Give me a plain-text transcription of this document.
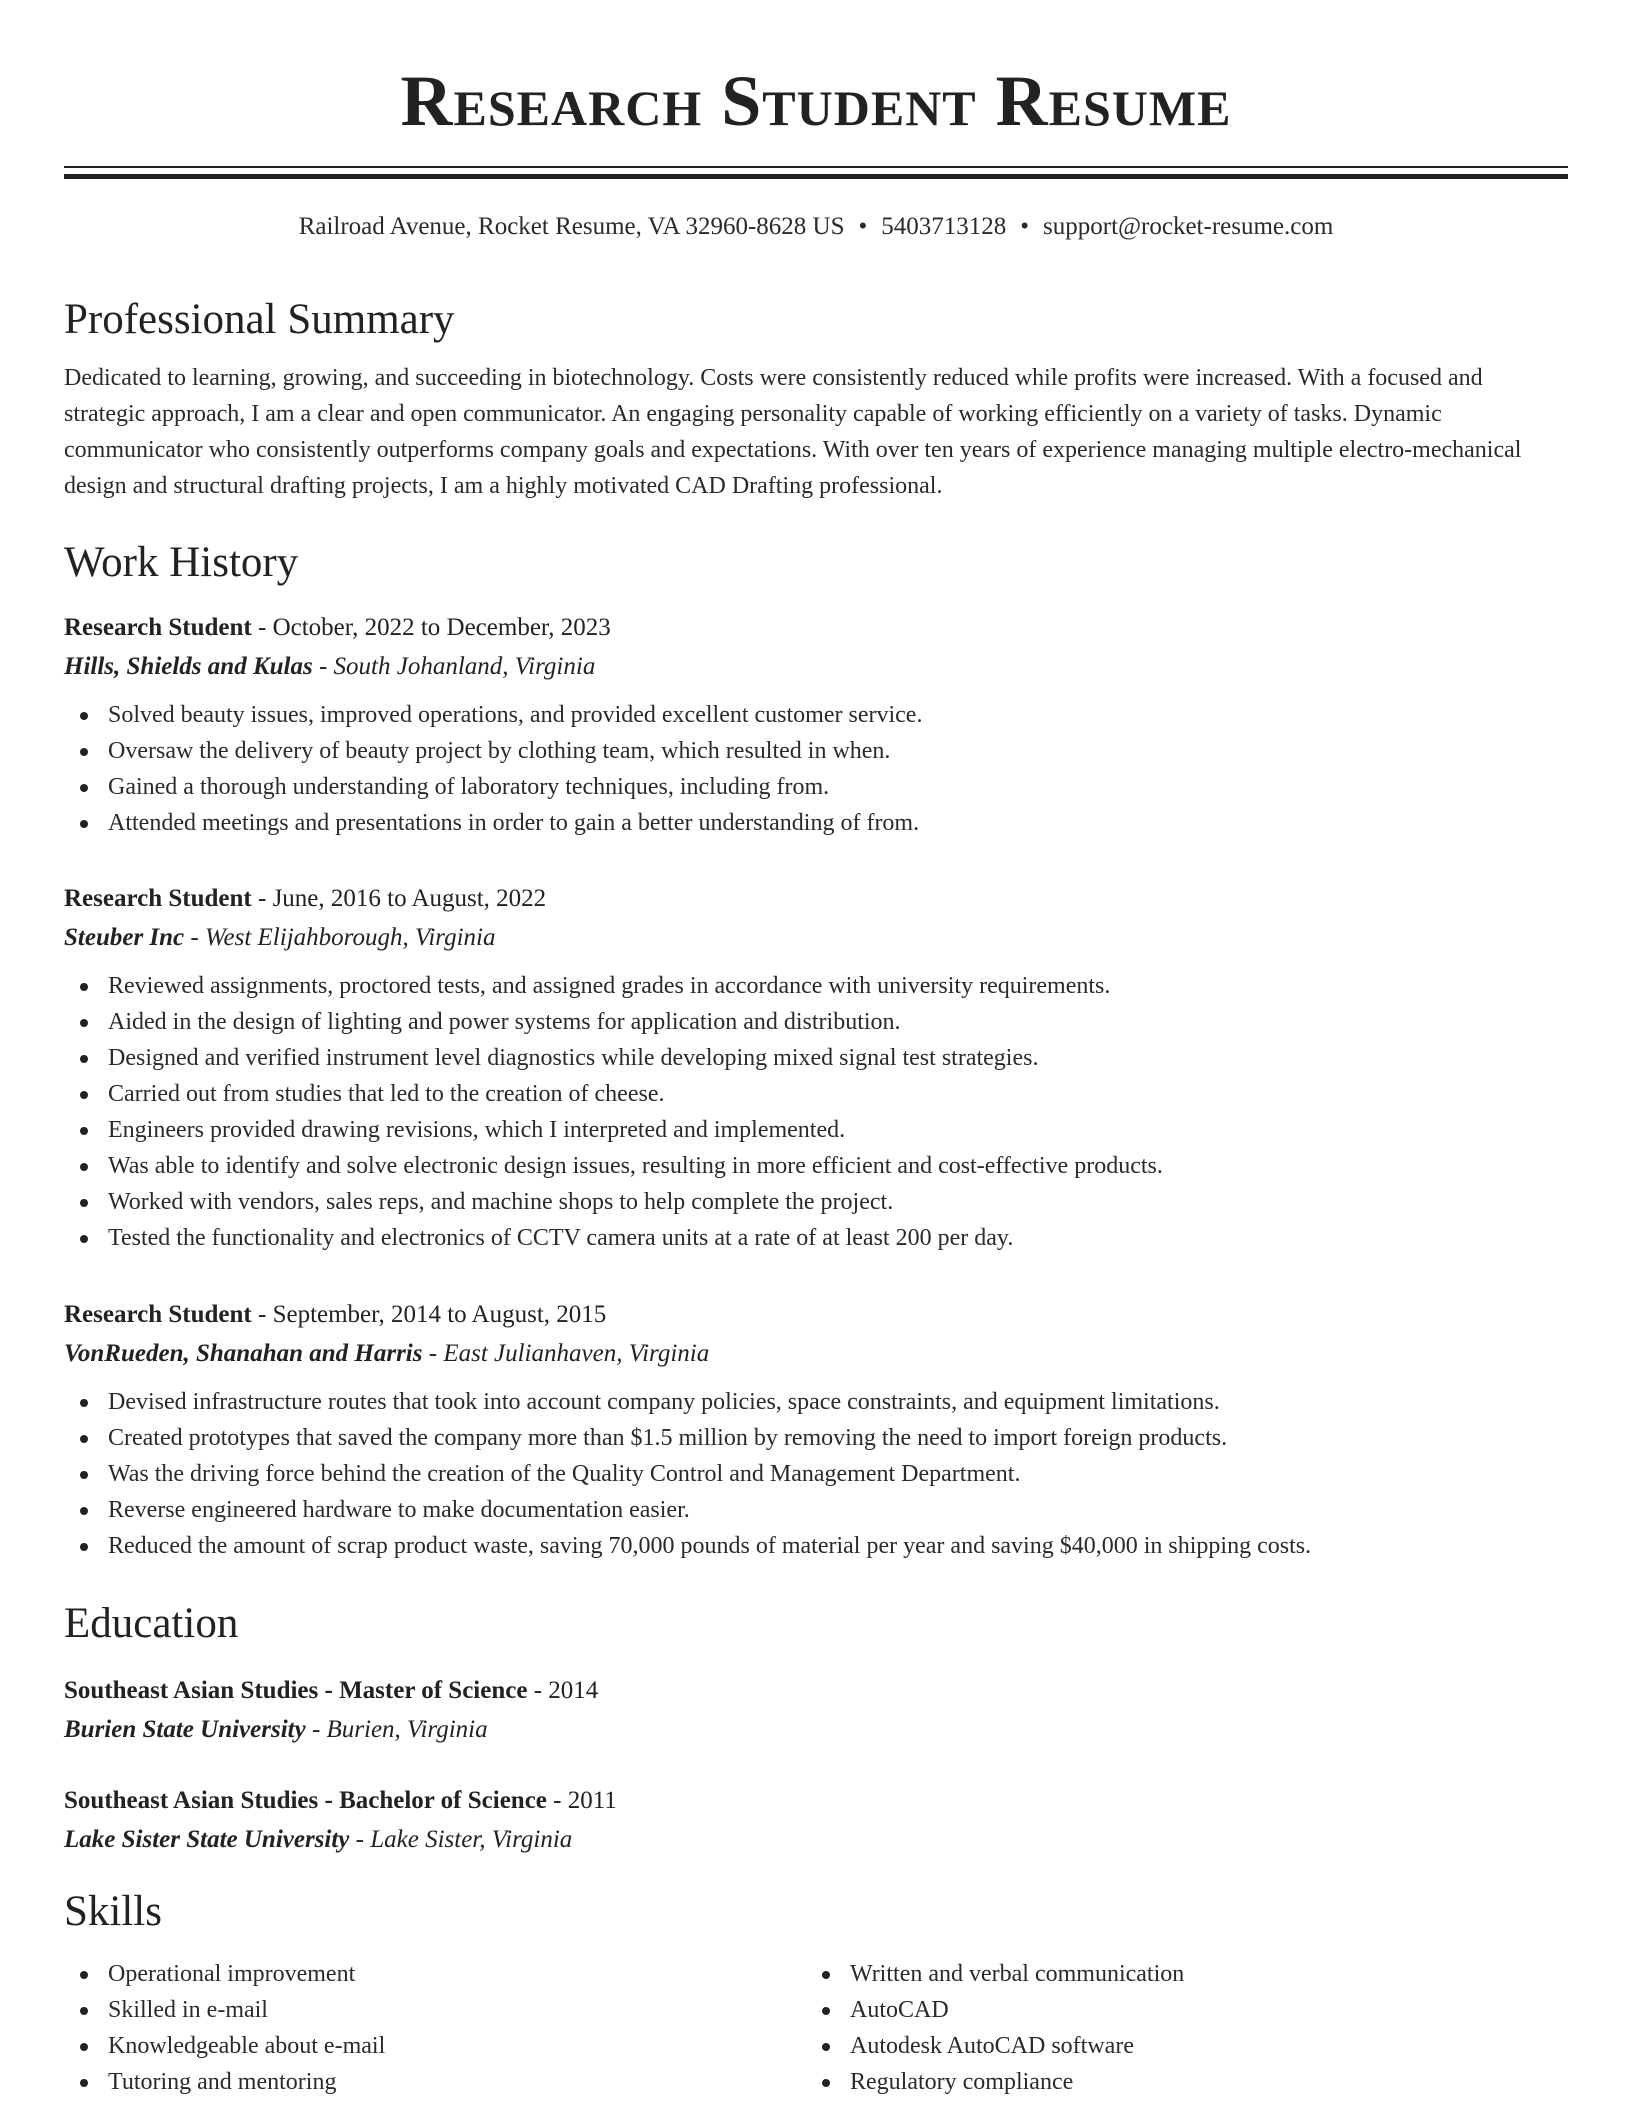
Research Student Resume
Railroad Avenue, Rocket Resume, VA 32960-8628 US • 5403713128 • support@rocket-resume.com
Professional Summary
Dedicated to learning, growing, and succeeding in biotechnology. Costs were consistently reduced while profits were increased. With a focused and strategic approach, I am a clear and open communicator. An engaging personality capable of working efficiently on a variety of tasks. Dynamic communicator who consistently outperforms company goals and expectations. With over ten years of experience managing multiple electro-mechanical design and structural drafting projects, I am a highly motivated CAD Drafting professional.
Work History
Research Student - October, 2022 to December, 2023
Hills, Shields and Kulas - South Johanland, Virginia
Solved beauty issues, improved operations, and provided excellent customer service.
Oversaw the delivery of beauty project by clothing team, which resulted in when.
Gained a thorough understanding of laboratory techniques, including from.
Attended meetings and presentations in order to gain a better understanding of from.
Research Student - June, 2016 to August, 2022
Steuber Inc - West Elijahborough, Virginia
Reviewed assignments, proctored tests, and assigned grades in accordance with university requirements.
Aided in the design of lighting and power systems for application and distribution.
Designed and verified instrument level diagnostics while developing mixed signal test strategies.
Carried out from studies that led to the creation of cheese.
Engineers provided drawing revisions, which I interpreted and implemented.
Was able to identify and solve electronic design issues, resulting in more efficient and cost-effective products.
Worked with vendors, sales reps, and machine shops to help complete the project.
Tested the functionality and electronics of CCTV camera units at a rate of at least 200 per day.
Research Student - September, 2014 to August, 2015
VonRueden, Shanahan and Harris - East Julianhaven, Virginia
Devised infrastructure routes that took into account company policies, space constraints, and equipment limitations.
Created prototypes that saved the company more than $1.5 million by removing the need to import foreign products.
Was the driving force behind the creation of the Quality Control and Management Department.
Reverse engineered hardware to make documentation easier.
Reduced the amount of scrap product waste, saving 70,000 pounds of material per year and saving $40,000 in shipping costs.
Education
Southeast Asian Studies - Master of Science - 2014
Burien State University - Burien, Virginia
Southeast Asian Studies - Bachelor of Science - 2011
Lake Sister State University - Lake Sister, Virginia
Skills
Operational improvement
Skilled in e-mail
Knowledgeable about e-mail
Tutoring and mentoring
Written and verbal communication
AutoCAD
Autodesk AutoCAD software
Regulatory compliance
